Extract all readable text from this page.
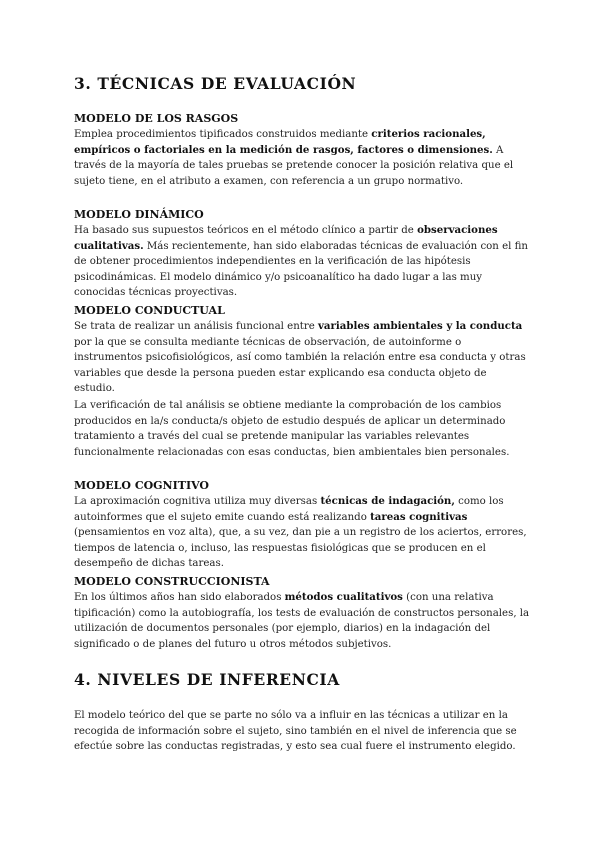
3. TÉCNICAS DE EVALUACIÓN
MODELO DE LOS RASGOS

Emplea procedimientos tipificados construidos mediante criterios racionales, empíricos o factoriales en la medición de rasgos, factores o dimensiones. A través de la mayoría de tales pruebas se pretende conocer la posición relativa que el sujeto tiene, en el atributo a examen, con referencia a un grupo normativo.

MODELO DINÁMICO

Ha basado sus supuestos teóricos en el método clínico a partir de observaciones cualitativas. Más recientemente, han sido elaboradas técnicas de evaluación con el fin de obtener procedimientos independientes en la verificación de las hipótesis psicodinámicas. El modelo dinámico y/o psicoanalítico ha dado lugar a las muy conocidas técnicas proyectivas.

MODELO CONDUCTUAL

Se trata de realizar un análisis funcional entre variables ambientales y la conducta por la que se consulta mediante técnicas de observación, de autoinforme o instrumentos psicofisiológicos, así como también la relación entre esa conducta y otras variables que desde la persona pueden estar explicando esa conducta objeto de estudio.

La verificación de tal análisis se obtiene mediante la comprobación de los cambios producidos en la/s conducta/s objeto de estudio después de aplicar un determinado tratamiento a través del cual se pretende manipular las variables relevantes funcionalmente relacionadas con esas conductas, bien ambientales bien personales.

MODELO COGNITIVO

La aproximación cognitiva utiliza muy diversas técnicas de indagación, como los autoinformes que el sujeto emite cuando está realizando tareas cognitivas (pensamientos en voz alta), que, a su vez, dan pie a un registro de los aciertos, errores, tiempos de latencia o, incluso, las respuestas fisiológicas que se producen en el desempeño de dichas tareas.

MODELO CONSTRUCCIONISTA

En los últimos años han sido elaborados métodos cualitativos (con una relativa tipificación) como la autobiografía, los tests de evaluación de constructos personales, la utilización de documentos personales (por ejemplo, diarios) en la indagación del significado o de planes del futuro u otros métodos subjetivos.

4. NIVELES DE INFERENCIA

El modelo teórico del que se parte no sólo va a influir en las técnicas a utilizar en la recogida de información sobre el sujeto, sino también en el nivel de inferencia que se efectúe sobre las conductas registradas, y esto sea cual fuere el instrumento elegido.
